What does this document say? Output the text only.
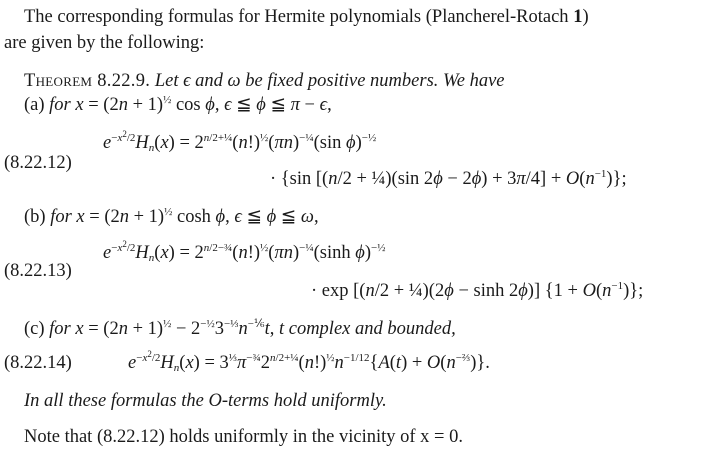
The corresponding formulas for Hermite polynomials (Plancherel-Rotach 1)
are given by the following:
Theorem 8.22.9. Let ϵ and ω be fixed positive numbers. We have
(a) for $x = (2n + 1)^{\frac{1}{2}}$ cos ϕ, ϵ ≦ ϕ ≦ π − ϵ,
(8.22.12)
$e^{-x^2/2}H_n(x) = 2^{n/2+\frac{1}{4}}(n!)^{\frac{1}{2}}(\pi n)^{-\frac{1}{4}}(\sin$ ϕ)$^{-\frac{1}{2}}$
· {sin [(n/2 + ¼)(sin $2\phi - 2\phi) + 3\pi/4] + O(n^{-1})$};
(b) for $x = (2n + 1)^{\frac{1}{2}}$ cosh ϕ, ϵ ≦ ϕ ≦ ω,
(8.22.13)
$e^{-x^2/2}H_n(x) = 2^{n/2-\frac{3}{4}}(n!)^{\frac{1}{2}}(\pi n)^{-\frac{1}{4}}(\sinh$ ϕ)$^{-\frac{1}{2}}$
· exp [(n/2 + ¼)(2ϕ − sinh 2ϕ)] $\{1 + O(n^{-1})\}$;
(c) for $x = (2n + 1)^{\frac{1}{2}} - 2^{-\frac{1}{2}}3^{-\frac{1}{3}}n^{-\frac{1}{6}}t$, t complex and bounded,
(8.22.14)	$e^{-x^2/2}H_n(x) = 3^{\frac{1}{3}}\pi^{-\frac{3}{4}}2^{n/2+\frac{1}{4}}(n!)^{\frac{1}{2}}n^{-1/12}\{A(t) + O(n^{-\frac{2}{3}})\}$.
In all these formulas the O-terms hold uniformly.
Note that (8.22.12) holds uniformly in the vicinity of x = 0.
